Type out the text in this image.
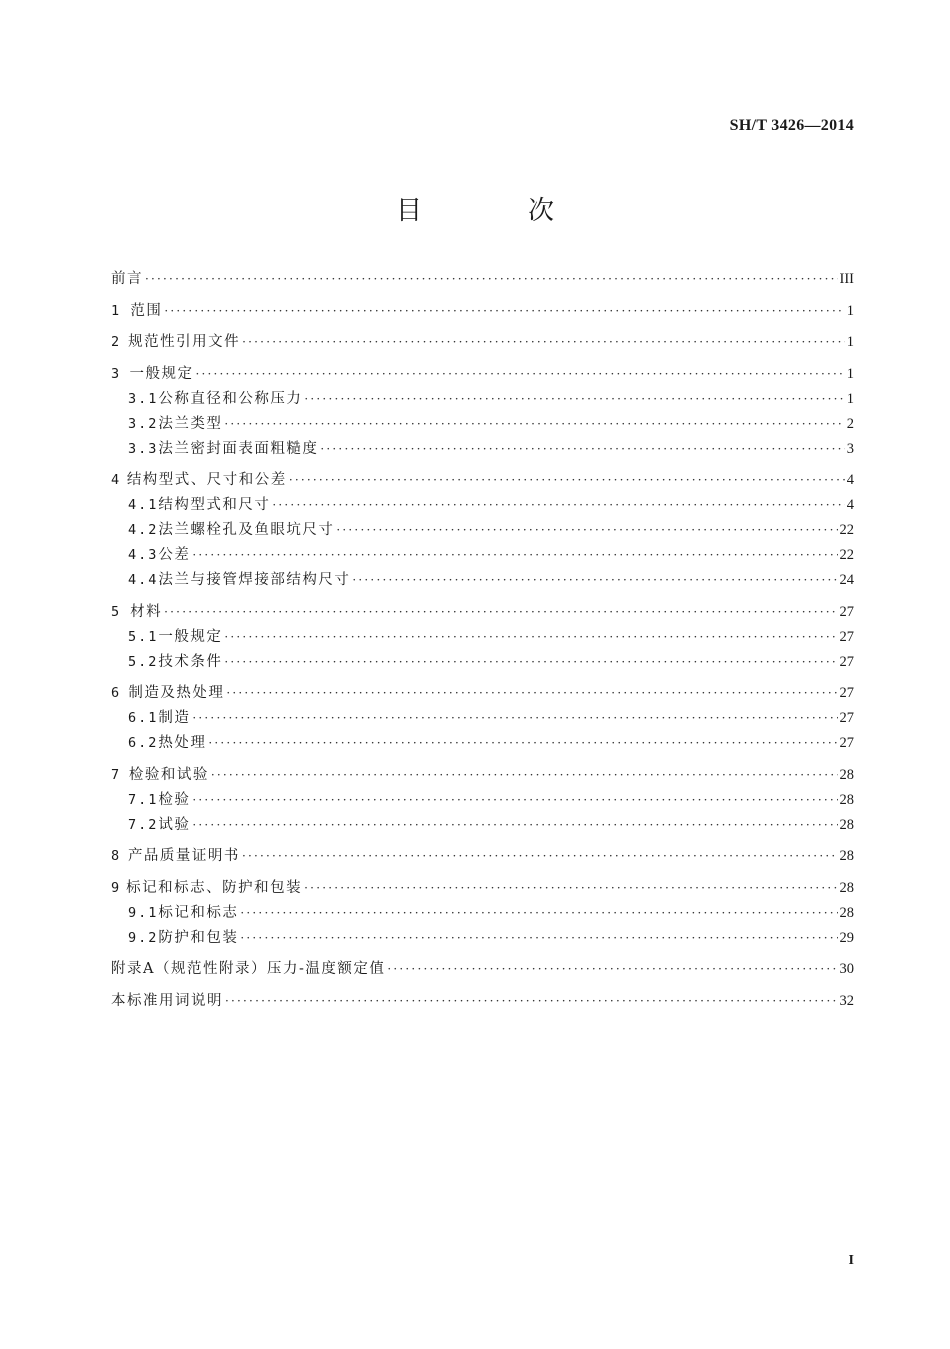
SH/T 3426—2014
目　次
前言 ·····	III
1 范围 ·····	1
2 规范性引用文件 ·····	1
3 一般规定 ·····	1
3.1 公称直径和公称压力 ·····	1
3.2 法兰类型 ·····	2
3.3 法兰密封面表面粗糙度 ·····	3
4 结构型式、尺寸和公差 ·····	4
4.1 结构型式和尺寸 ·····	4
4.2 法兰螺栓孔及鱼眼坑尺寸 ·····	22
4.3 公差 ·····	22
4.4 法兰与接管焊接部结构尺寸 ·····	24
5 材料 ·····	27
5.1 一般规定 ·····	27
5.2 技术条件 ·····	27
6 制造及热处理 ·····	27
6.1 制造 ·····	27
6.2 热处理 ·····	27
7 检验和试验 ·····	28
7.1 检验 ·····	28
7.2 试验 ·····	28
8 产品质量证明书 ·····	28
9 标记和标志、防护和包装 ·····	28
9.1 标记和标志 ·····	28
9.2 防护和包装 ·····	29
附录A（规范性附录）压力-温度额定值 ·····	30
本标准用词说明 ·····	32
I
